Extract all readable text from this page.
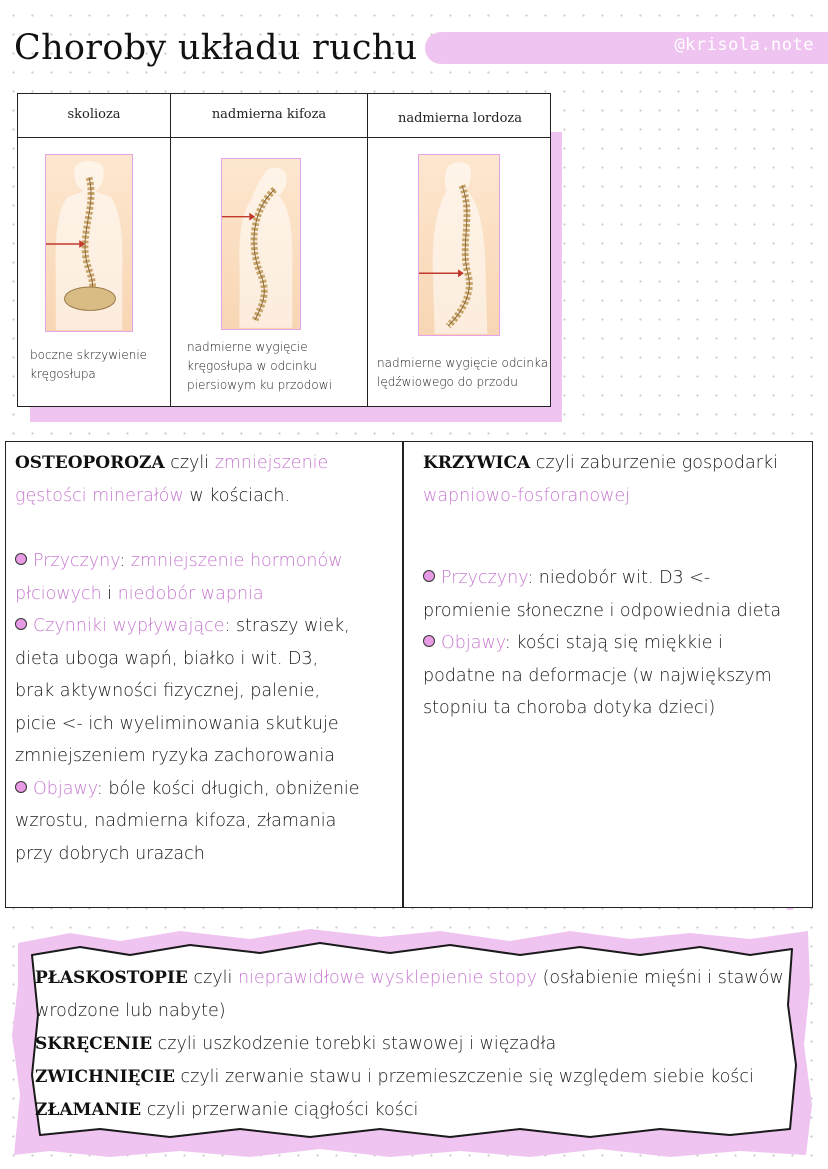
Choroby układu ruchu	@krisola.note
skolioza	nadmierna kifoza	nadmierna lordoza
boczne skrzywienie kręgosłupa
nadmierne wygięcie kręgosłupa w odcinku piersiowym ku przodowi
nadmierne wygięcie odcinka lędźwiowego do przodu
OSTEOPOROZA czyli zmniejszenie gęstości minerałów w kościach.
Przyczyny: zmniejszenie hormonów płciowych i niedobór wapnia
Czynniki wypływające: straszy wiek, dieta uboga wapń, białko i wit. D3, brak aktywności fizycznej, palenie, picie <- ich wyeliminowania skutkuje zmniejszeniem ryzyka zachorowania
Objawy: bóle kości długich, obniżenie wzrostu, nadmierna kifoza, złamania przy dobrych urazach
KRZYWICA czyli zaburzenie gospodarki wapniowo-fosforanowej
Przyczyny: niedobór wit. D3 <- promienie słoneczne i odpowiednia dieta
Objawy: kości stają się miękkie i podatne na deformacje (w największym stopniu ta choroba dotyka dzieci)
PŁASKOSTOPIE czyli nieprawidłowe wysklepienie stopy (osłabienie mięśni i stawów wrodzone lub nabyte)
SKRĘCENIE czyli uszkodzenie torebki stawowej i więzadła
ZWICHNIĘCIE czyli zerwanie stawu i przemieszczenie się względem siebie kości
ZŁAMANIE czyli przerwanie ciągłości kości
